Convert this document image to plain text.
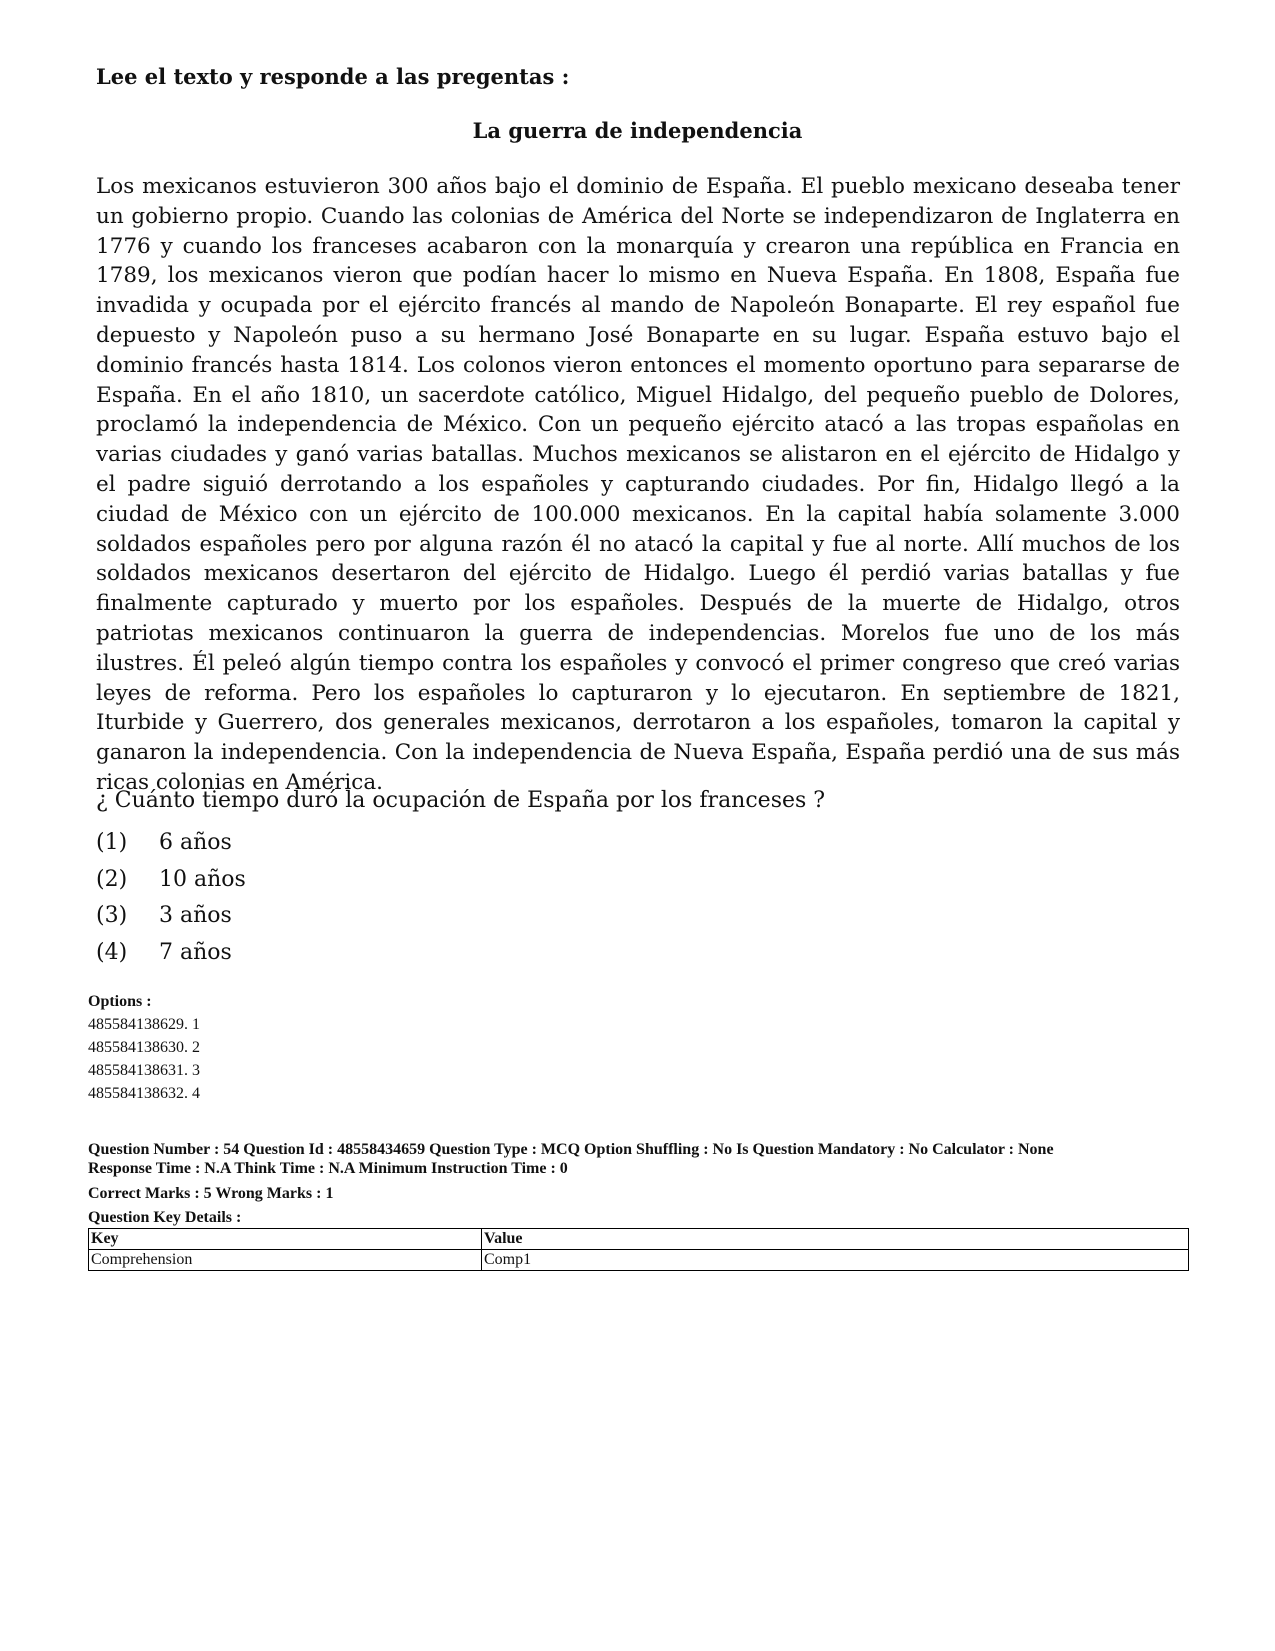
Lee el texto y responde a las pregentas :
La guerra de independencia

Los mexicanos estuvieron 300 años bajo el dominio de España. El pueblo mexicano deseaba tener un gobierno propio. Cuando las colonias de América del Norte se independizaron de Inglaterra en 1776 y cuando los franceses acabaron con la monarquía y crearon una república en Francia en 1789, los mexicanos vieron que podían hacer lo mismo en Nueva España. En 1808, España fue invadida y ocupada por el ejército francés al mando de Napoleón Bonaparte. El rey español fue depuesto y Napoleón puso a su hermano José Bonaparte en su lugar. España estuvo bajo el dominio francés hasta 1814. Los colonos vieron entonces el momento oportuno para separarse de España. En el año 1810, un sacerdote católico, Miguel Hidalgo, del pequeño pueblo de Dolores, proclamó la independencia de México. Con un pequeño ejército atacó a las tropas españolas en varias ciudades y ganó varias batallas. Muchos mexicanos se alistaron en el ejército de Hidalgo y el padre siguió derrotando a los españoles y capturando ciudades. Por fin, Hidalgo llegó a la ciudad de México con un ejército de 100.000 mexicanos. En la capital había solamente 3.000 soldados españoles pero por alguna razón él no atacó la capital y fue al norte. Allí muchos de los soldados mexicanos desertaron del ejército de Hidalgo. Luego él perdió varias batallas y fue finalmente capturado y muerto por los españoles. Después de la muerte de Hidalgo, otros patriotas mexicanos continuaron la guerra de independencias. Morelos fue uno de los más ilustres. Él peleó algún tiempo contra los españoles y convocó el primer congreso que creó varias leyes de reforma. Pero los españoles lo capturaron y lo ejecutaron. En septiembre de 1821, Iturbide y Guerrero, dos generales mexicanos, derrotaron a los españoles, tomaron la capital y ganaron la independencia. Con la independencia de Nueva España, España perdió una de sus más ricas colonias en América.

¿ Cuánto tiempo duró la ocupación de España por los franceses ?
(1) 6 años
(2) 10 años
(3) 3 años
(4) 7 años
Options :
485584138629. 1
485584138630. 2
485584138631. 3
485584138632. 4
Question Number : 54 Question Id : 48558434659 Question Type : MCQ Option Shuffling : No Is Question Mandatory : No Calculator : None
Response Time : N.A Think Time : N.A Minimum Instruction Time : 0
Correct Marks : 5 Wrong Marks : 1
Question Key Details :
Key	Value
Comprehension	Comp1
